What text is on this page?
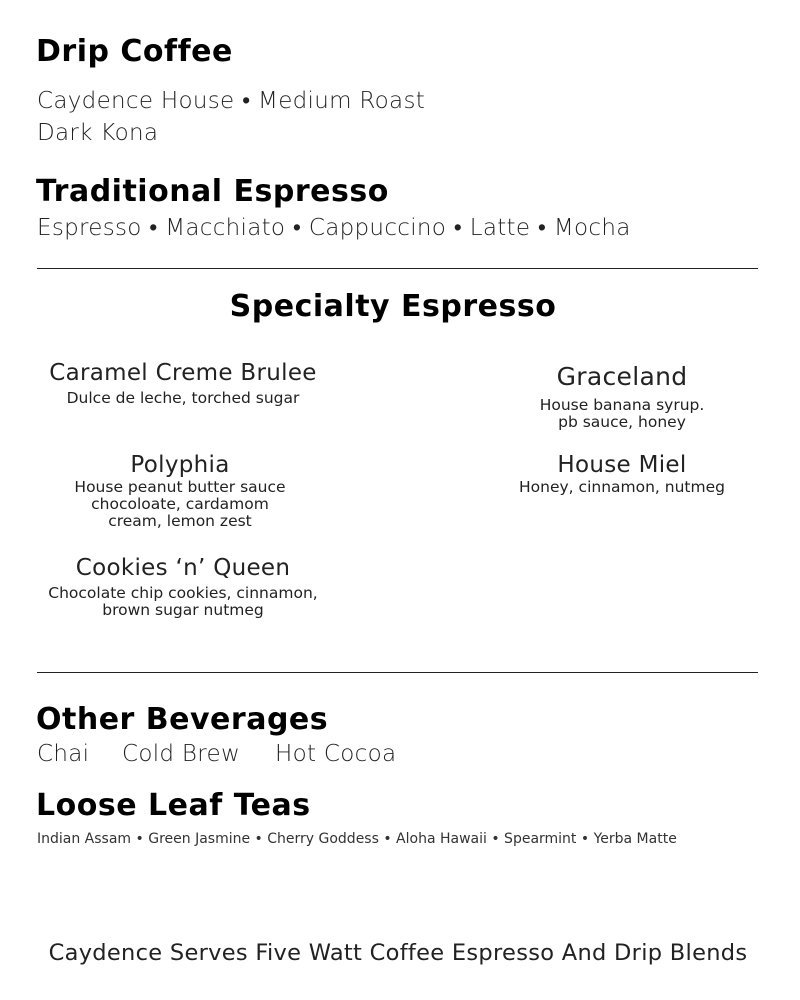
Drip Coffee
Caydence House • Medium Roast
Dark Kona
Traditional Espresso
Espresso • Macchiato • Cappuccino • Latte • Mocha
Specialty Espresso
Caramel Creme Brulee
Dulce de leche, torched sugar
Graceland
House banana syrup.
pb sauce, honey
Polyphia
House peanut butter sauce
chocoloate, cardamom
cream, lemon zest
House Miel
Honey, cinnamon, nutmeg
Cookies ‘n’ Queen
Chocolate chip cookies, cinnamon,
brown sugar nutmeg
Other Beverages
Chai Cold Brew Hot Cocoa
Loose Leaf Teas
Indian Assam • Green Jasmine • Cherry Goddess • Aloha Hawaii • Spearmint • Yerba Matte
Caydence Serves Five Watt Coffee Espresso And Drip Blends
